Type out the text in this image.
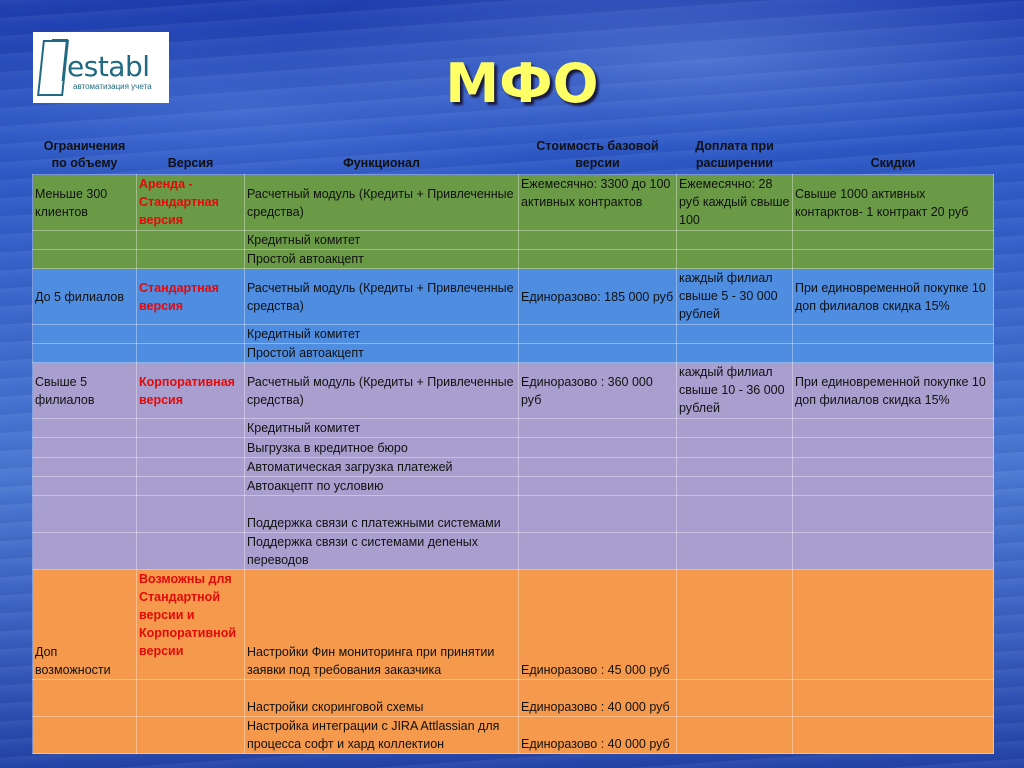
establ
автоматизация учета	МФО
Ограничения по объему	Версия	Функционал	Стоимость базовой версии	Доплата при расширении	Скидки
Меньше 300 клиентов	Аренда - Стандартная версия	Расчетный модуль (Кредиты + Привлеченные средства)	Ежемесячно: 3300 до 100 активных контрактов	Ежемесячно: 28 руб каждый свыше 100	Свыше 1000 активных контарктов- 1 контракт 20 руб
		Кредитный комитет			
		Простой автоакцепт			
До 5 филиалов	Стандартная версия	Расчетный модуль (Кредиты + Привлеченные средства)	Единоразово: 185 000 руб	каждый филиал свыше 5 - 30 000 рублей	При единовременной покупке 10 доп филиалов скидка 15%
		Кредитный комитет			
		Простой автоакцепт			
Свыше 5 филиалов	Корпоративная версия	Расчетный модуль (Кредиты + Привлеченные средства)	Единоразово : 360 000 руб	каждый филиал свыше 10 - 36 000 рублей	При единовременной покупке 10 доп филиалов скидка 15%
		Кредитный комитет			
		Выгрузка в кредитное бюро			
		Автоматическая загрузка платежей			
		Автоакцепт по условию			
		Поддержка связи с платежными системами			
		Поддержка связи с системами деneных переводов			
Доп возможности	Возможны для Стандартной версии и Корпоративной версии	Настройки Фин мониторинга при принятии заявки под требования заказчика	Единоразово : 45 000 руб		
		Настройки скоринговой схемы	Единоразово : 40 000 руб		
		Настройка интеграции с JIRA Attlassian для процесса софт и хард коллектион	Единоразово : 40 000 руб		
